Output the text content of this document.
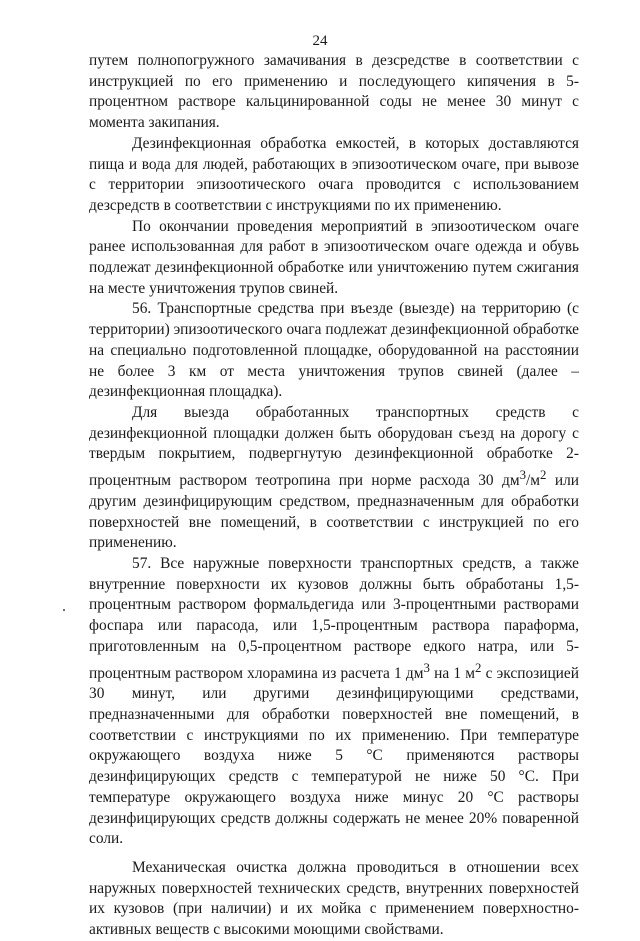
24

путем полнопогружного замачивания в дезсредстве в соответствии с инструкцией по его применению и последующего кипячения в 5-процентном растворе кальцинированной соды не менее 30 минут с момента закипания.

Дезинфекционная обработка емкостей, в которых доставляются пища и вода для людей, работающих в эпизоотическом очаге, при вывозе с территории эпизоотического очага проводится с использованием дезсредств в соответствии с инструкциями по их применению.

По окончании проведения мероприятий в эпизоотическом очаге ранее использованная для работ в эпизоотическом очаге одежда и обувь подлежат дезинфекционной обработке или уничтожению путем сжигания на месте уничтожения трупов свиней.

56. Транспортные средства при въезде (выезде) на территорию (с территории) эпизоотического очага подлежат дезинфекционной обработке на специально подготовленной площадке, оборудованной на расстоянии не более 3 км от места уничтожения трупов свиней (далее – дезинфекционная площадка).

Для выезда обработанных транспортных средств с дезинфекционной площадки должен быть оборудован съезд на дорогу с твердым покрытием, подвергнутую дезинфекционной обработке 2-процентным раствором теотропина при норме расхода 30 $дм^3/м^2$ или другим дезинфицирующим средством, предназначенным для обработки поверхностей вне помещений, в соответствии с инструкцией по его применению.

57. Все наружные поверхности транспортных средств, а также внутренние поверхности их кузовов должны быть обработаны 1,5-процентным раствором формальдегида или 3-процентными растворами фоспара или парасода, или 1,5-процентным раствора параформа, приготовленным на 0,5-процентном растворе едкого натра, или 5-процентным раствором хлорамина из расчета 1 $дм^3$ на 1 $м^2$ с экспозицией 30 минут, или другими дезинфицирующими средствами, предназначенными для обработки поверхностей вне помещений, в соответствии с инструкциями по их применению. При температуре окружающего воздуха ниже 5 °С применяются растворы дезинфицирующих средств с температурой не ниже 50 °С. При температуре окружающего воздуха ниже минус 20 °С растворы дезинфицирующих средств должны содержать не менее 20% поваренной соли.

Механическая очистка должна проводиться в отношении всех наружных поверхностей технических средств, внутренних поверхностей их кузовов (при наличии) и их мойка с применением поверхностно-активных веществ с высокими моющими свойствами.
